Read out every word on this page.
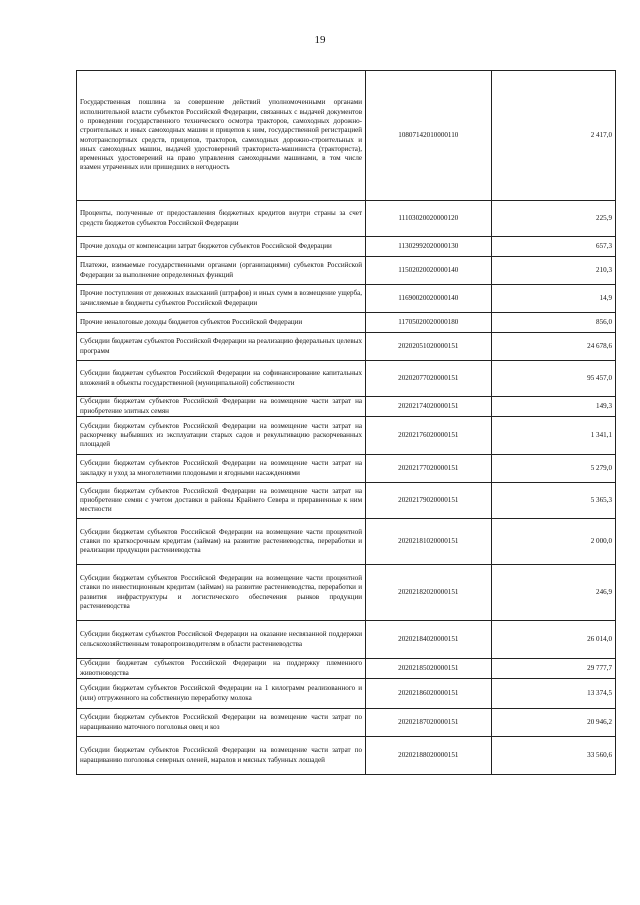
19
Государственная пошлина за совершение действий уполномоченными органами исполнительной власти субъектов Российской Федерации, связанных с выдачей документов о проведении государственного технического осмотра тракторов, самоходных дорожно-строительных и иных самоходных машин и прицепов к ним, государственной регистрацией мототранспортных средств, прицепов, тракторов, самоходных дорожно-строительных и иных самоходных машин, выдачей удостоверений тракториста-машиниста (тракториста), временных удостоверений на право управления самоходными машинами, в том числе взамен утраченных или пришедших в негодность	10807142010000110	2 417,0
Проценты, полученные от предоставления бюджетных кредитов внутри страны за счет средств бюджетов субъектов Российской Федерации	11103020020000120	225,9
Прочие доходы от компенсации затрат бюджетов субъектов Российской Федерации	11302992020000130	657,3
Платежи, взимаемые государственными органами (организациями) субъектов Российской Федерации за выполнение определенных функций	11502020020000140	210,3
Прочие поступления от денежных взысканий (штрафов) и иных сумм в возмещение ущерба, зачисляемые в бюджеты субъектов Российской Федерации	11690020020000140	14,9
Прочие неналоговые доходы бюджетов субъектов Российской Федерации	11705020020000180	856,0
Субсидии бюджетам субъектов Российской Федерации на реализацию федеральных целевых программ	20202051020000151	24 678,6
Субсидии бюджетам субъектов Российской Федерации на софинансирование капитальных вложений в объекты государственной (муниципальной) собственности	20202077020000151	95 457,0
Субсидии бюджетам субъектов Российской Федерации на возмещение части затрат на приобретение элитных семян	20202174020000151	149,3
Субсидии бюджетам субъектов Российской Федерации на возмещение части затрат на раскорчевку выбывших из эксплуатации старых садов и рекультивацию раскорчеванных площадей	20202176020000151	1 341,1
Субсидии бюджетам субъектов Российской Федерации на возмещение части затрат на закладку и уход за многолетними плодовыми и ягодными насаждениями	20202177020000151	5 279,0
Субсидии бюджетам субъектов Российской Федерации на возмещение части затрат на приобретение семян с учетом доставки в районы Крайнего Севера и приравненные к ним местности	20202179020000151	5 365,3
Субсидии бюджетам субъектов Российской Федерации на возмещение части процентной ставки по краткосрочным кредитам (займам) на развитие растениеводства, переработки и реализации продукции растениеводства	20202181020000151	2 000,0
Субсидии бюджетам субъектов Российской Федерации на возмещение части процентной ставки по инвестиционным кредитам (займам) на развитие растениеводства, переработки и развития инфраструктуры и логистического обеспечения рынков продукции растениеводства	20202182020000151	246,9
Субсидии бюджетам субъектов Российской Федерации на оказание несвязанной поддержки сельскохозяйственным товаропроизводителям в области растениеводства	20202184020000151	26 014,0
Субсидии бюджетам субъектов Российской Федерации на поддержку племенного животноводства	20202185020000151	29 777,7
Субсидии бюджетам субъектов Российской Федерации на 1 килограмм реализованного и (или) отгруженного на собственную переработку молока	20202186020000151	13 374,5
Субсидии бюджетам субъектов Российской Федерации на возмещение части затрат по наращиванию маточного поголовья овец и коз	20202187020000151	20 946,2
Субсидии бюджетам субъектов Российской Федерации на возмещение части затрат по наращиванию поголовья северных оленей, маралов и мясных табунных лошадей	20202188020000151	33 560,6
